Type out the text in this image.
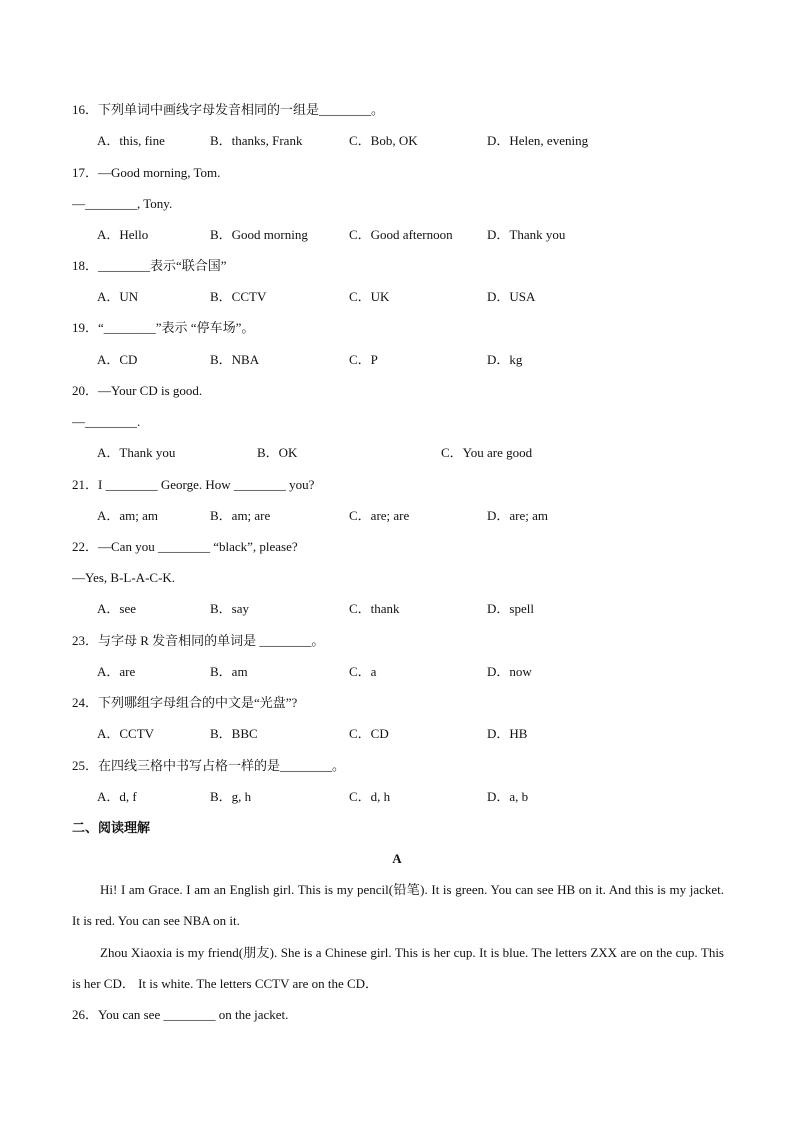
16．下列单词中画线字母发音相同的一组是________。
A．this, fine	B．thanks, Frank	C．Bob, OK	D．Helen, evening
17．—Good morning, Tom.
—________, Tony.
A．Hello	B．Good morning	C．Good afternoon	D．Thank you
18．________表示“联合国”
A．UN	B．CCTV	C．UK	D．USA
19．“________”表示 “停车场”。
A．CD	B．NBA	C．P	D．kg
20．—Your CD is good.
—________.
A．Thank you	B．OK	C．You are good
21．I ________ George. How ________ you?
A．am; am	B．am; are	C．are; are	D．are; am
22．—Can you ________ “black”, please?
—Yes, B-L-A-C-K.
A．see	B．say	C．thank	D．spell
23．与字母 R 发音相同的单词是 ________。
A．are	B．am	C．a	D．now
24．下列哪组字母组合的中文是“光盘”?
A．CCTV	B．BBC	C．CD	D．HB
25．在四线三格中书写占格一样的是________。
A．d, f	B．g, h	C．d, h	D．a, b
二、阅读理解
A
Hi! I am Grace. I am an English girl. This is my pencil(铅笔). It is green. You can see HB on it. And this is my jacket. It is red. You can see NBA on it.
Zhou Xiaoxia is my friend(朋友). She is a Chinese girl. This is her cup. It is blue. The letters ZXX are on the cup. This is her CD． It is white. The letters CCTV are on the CD．
26．You can see ________ on the jacket.
